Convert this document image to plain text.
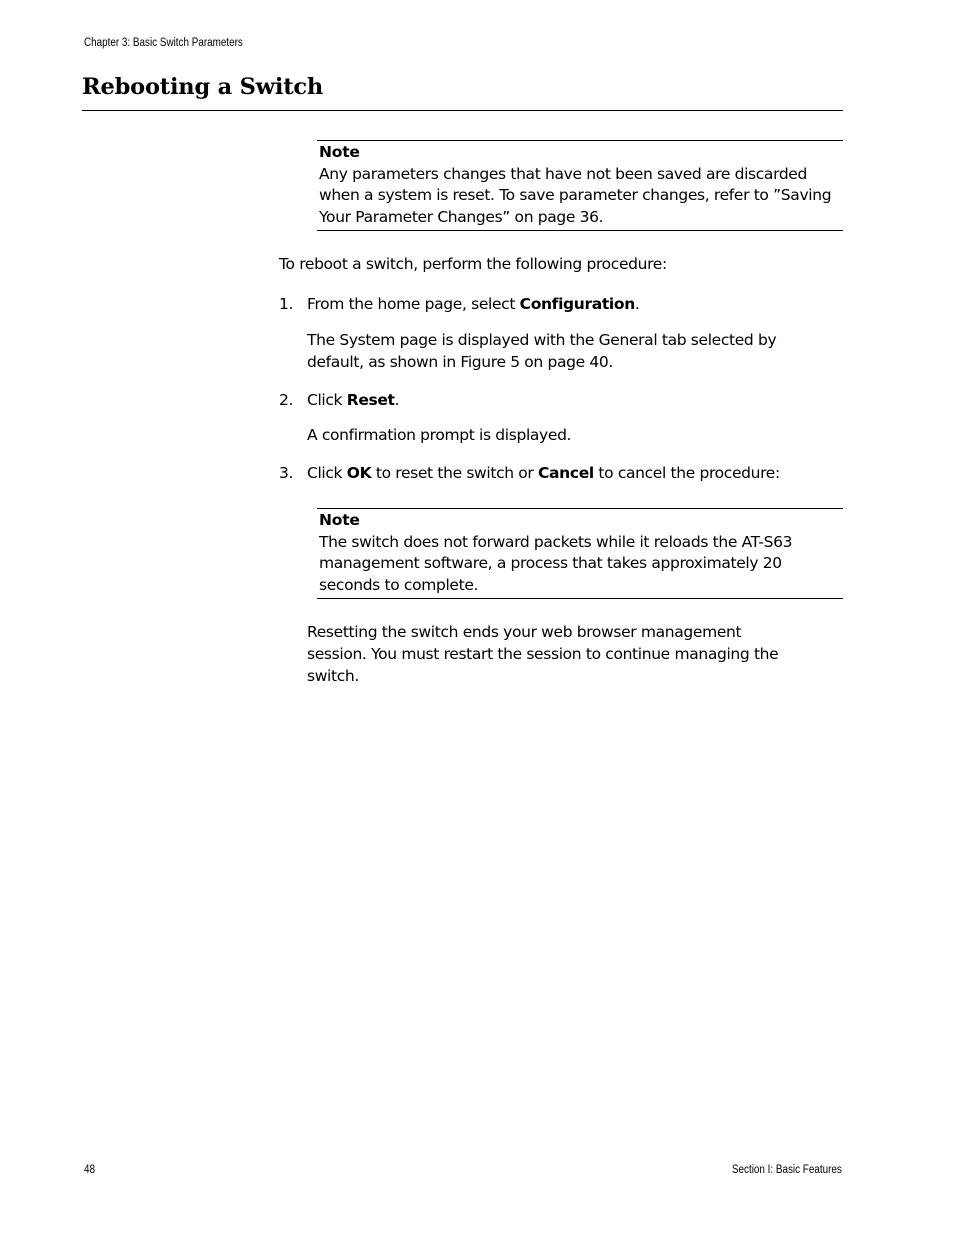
Chapter 3: Basic Switch Parameters
Rebooting a Switch
Note
Any parameters changes that have not been saved are discarded
when a system is reset. To save parameter changes, refer to ”Saving
Your Parameter Changes” on page 36.

To reboot a switch, perform the following procedure:

1. From the home page, select Configuration.

The System page is displayed with the General tab selected by

default, as shown in Figure 5 on page 40.

2. Click Reset.

A confirmation prompt is displayed.

3. Click OK to reset the switch or Cancel to cancel the procedure:

Note
The switch does not forward packets while it reloads the AT-S63
management software, a process that takes approximately 20
seconds to complete.

Resetting the switch ends your web browser management

session. You must restart the session to continue managing the

switch.

48	Section I: Basic Features
